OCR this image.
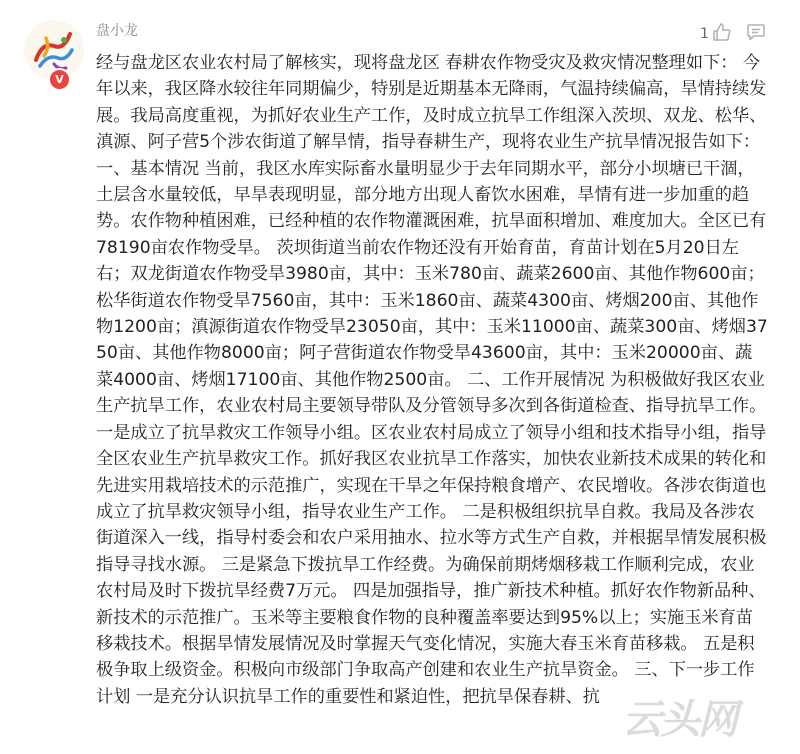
V
盘小龙	1

经与盘龙区农业农村局了解核实，现将盘龙区 春耕农作物受灾及救灾情况整理如下： 今年以来，我区降水较往年同期偏少，特别是近期基本无降雨，气温持续偏高，旱情持续发展。我局高度重视，为抓好农业生产工作，及时成立抗旱工作组深入茨坝、双龙、松华、滇源、阿子营5个涉农街道了解旱情，指导春耕生产，现将农业生产抗旱情况报告如下： 一、基本情况 当前，我区水库实际畜水量明显少于去年同期水平，部分小坝塘已干涸，土层含水量较低，早旱表现明显，部分地方出现人畜饮水困难，旱情有进一步加重的趋势。农作物种植困难，已经种植的农作物灌溉困难，抗旱面积增加、难度加大。全区已有78190亩农作物受旱。 茨坝街道当前农作物还没有开始育苗，育苗计划在5月20日左右；双龙街道农作物受旱3980亩，其中：玉米780亩、蔬菜2600亩、其他作物600亩；松华街道农作物受旱7560亩，其中：玉米1860亩、蔬菜4300亩、烤烟200亩、其他作物1200亩；滇源街道农作物受旱23050亩，其中：玉米11000亩、蔬菜300亩、烤烟3750亩、其他作物8000亩；阿子营街道农作物受旱43600亩，其中：玉米20000亩、蔬菜4000亩、烤烟17100亩、其他作物2500亩。 二、工作开展情况 为积极做好我区农业生产抗旱工作，农业农村局主要领导带队及分管领导多次到各街道检查、指导抗旱工作。 一是成立了抗旱救灾工作领导小组。区农业农村局成立了领导小组和技术指导小组，指导全区农业生产抗旱救灾工作。抓好我区农业抗旱工作落实，加快农业新技术成果的转化和先进实用栽培技术的示范推广，实现在干旱之年保持粮食增产、农民增收。各涉农街道也成立了抗旱救灾领导小组，指导农业生产工作。 二是积极组织抗旱自救。我局及各涉农街道深入一线，指导村委会和农户采用抽水、拉水等方式生产自救，并根据旱情发展积极指导寻找水源。 三是紧急下拨抗旱工作经费。为确保前期烤烟移栽工作顺利完成，农业农村局及时下拨抗旱经费7万元。 四是加强指导，推广新技术种植。抓好农作物新品种、新技术的示范推广。玉米等主要粮食作物的良种覆盖率要达到95%以上；实施玉米育苗移栽技术。根据旱情发展情况及时掌握天气变化情况，实施大春玉米育苗移栽。 五是积极争取上级资金。积极向市级部门争取高产创建和农业生产抗旱资金。 三、下一步工作计划 一是充分认识抗旱工作的重要性和紧迫性，把抗旱保春耕、抗

云头网
